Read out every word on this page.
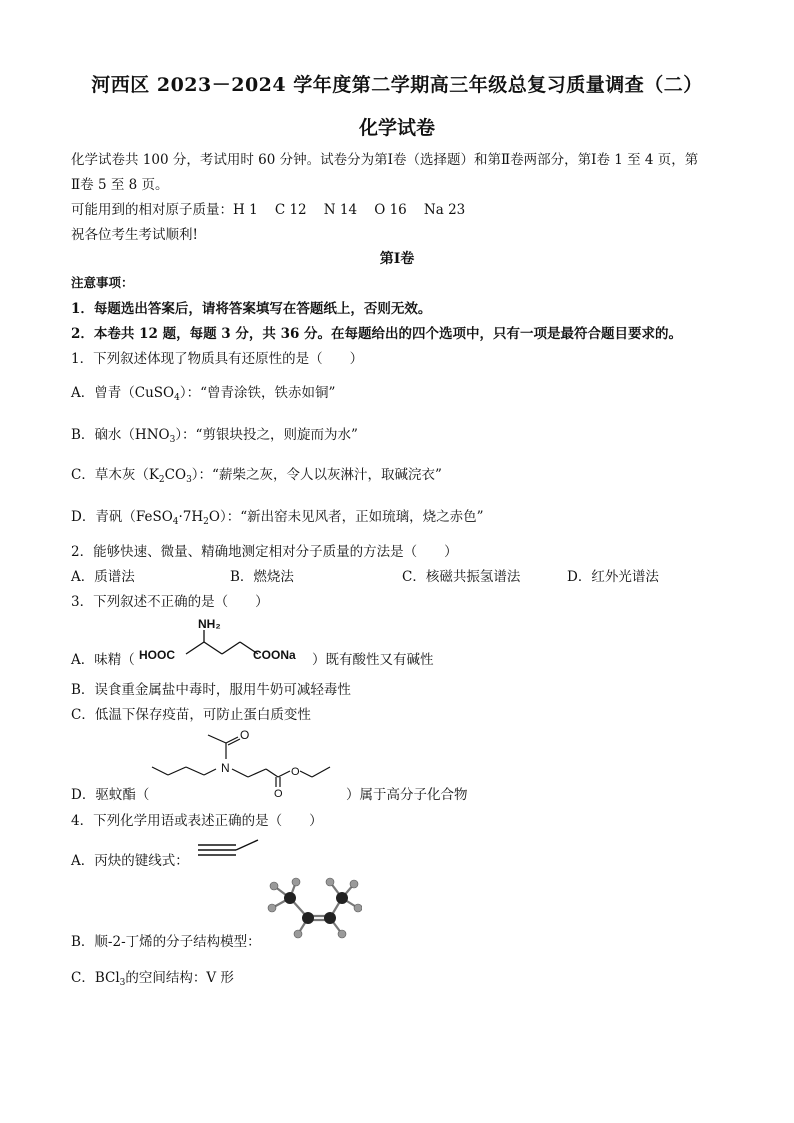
河西区 2023－2024 学年度第二学期高三年级总复习质量调查（二）
化学试卷
化学试卷共 100 分，考试用时 60 分钟。试卷分为第Ⅰ卷（选择题）和第Ⅱ卷两部分，第Ⅰ卷 1 至 4 页，第
Ⅱ卷 5 至 8 页。
可能用到的相对原子质量：H 1    C 12    N 14    O 16    Na 23
祝各位考生考试顺利!
第Ⅰ卷
注意事项：
1．每题选出答案后，请将答案填写在答题纸上，否则无效。
2．本卷共 12 题，每题 3 分，共 36 分。在每题给出的四个选项中，只有一项是最符合题目要求的。
1．下列叙述体现了物质具有还原性的是（　　）
A．曾青（CuSO$_4$）：“曾青涂铁，铁赤如铜”
B．硇水$(HNO_3)$：“剪银块投之，则旋而为水”
C．草木灰$(K_2CO_3)$：“薪柴之灰，令人以灰淋汁，取碱浣衣”
D．青矾$(FeSO_4\cdot 7H_2O)$：“新出窑未见风者，正如琉璃，烧之赤色”
2．能够快速、微量、精确地测定相对分子质量的方法是（　　）
A．质谱法	B．燃烧法	C．核磁共振氢谱法	D．红外光谱法
3．下列叙述不正确的是（　　）
A．味精（
NH₂
HOOC	COONa ）既有酸性又有碱性
B．误食重金属盐中毒时，服用牛奶可减轻毒性
C．低温下保存疫苗，可防止蛋白质变性
D．驱蚊酯（
N
O
O
O	）属于高分子化合物
4．下列化学用语或表述正确的是（　　）
A．丙炔的键线式：
B．顺-2-丁烯的分子结构模型：
C．BCl$_3$的空间结构：V 形
